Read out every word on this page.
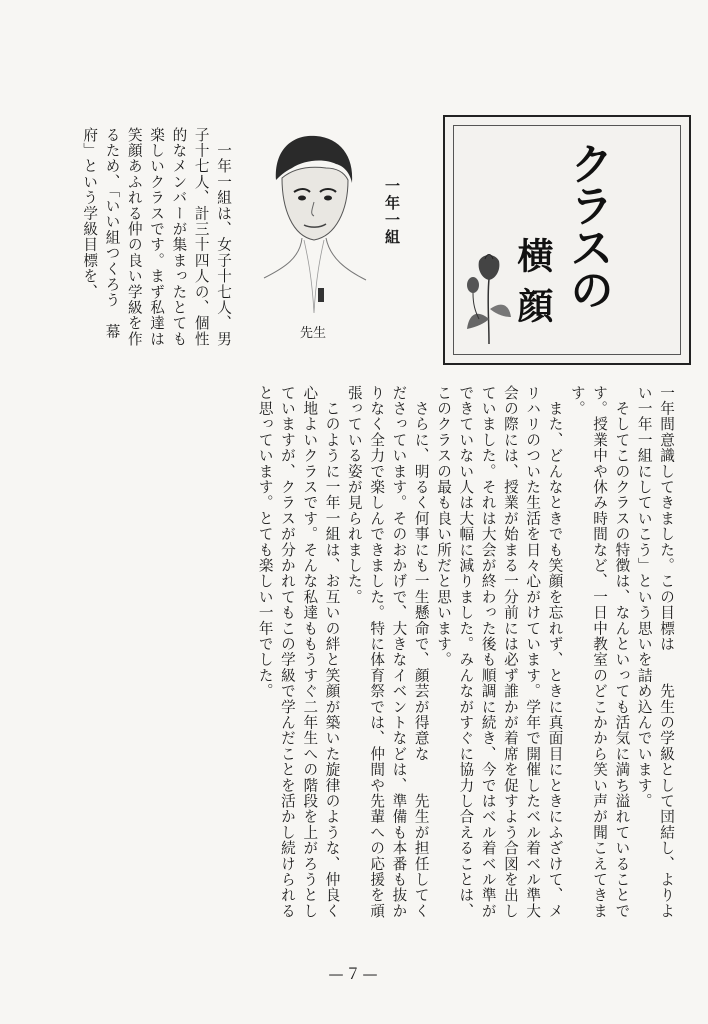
クラスの
横顔
一年一組
先生
一年間意識してきました。この目標は　　先生の学級として団結し、よりよい一年一組にしていこう」という思いを詰め込んでいます。
　そしてこのクラスの特徴は、なんといっても活気に満ち溢れていることです。授業中や休み時間など、一日中教室のどこかから笑い声が聞こえてきます。
　また、どんなときでも笑顔を忘れず、ときに真面目にときにふざけて、メリハリのついた生活を日々心がけています。学年で開催したベル着ベル準大会の際には、授業が始まる一分前には必ず誰かが着席を促すよう合図を出していました。それは大会が終わった後も順調に続き、今ではベル着ベル準ができていない人は大幅に減りました。みんながすぐに協力し合えることは、このクラスの最も良い所だと思います。
　さらに、明るく何事にも一生懸命で、顔芸が得意な　　先生が担任してくださっています。そのおかげで、大きなイベントなどは、準備も本番も抜かりなく全力で楽しんできました。特に体育祭では、仲間や先輩への応援を頑張っている姿が見られました。
　このように一年一組は、お互いの絆と笑顔が築いた旋律のような、仲良く心地よいクラスです。そんな私達ももうすぐ二年生への階段を上がろうとしていますが、クラスが分かれてもこの学級で学んだことを活かし続けられると思っています。とても楽しい一年でした。
　一年一組は、女子十七人、男子十七人、計三十四人の、個性的なメンバーが集まったとても楽しいクラスです。まず私達は笑顔あふれる仲の良い学級を作るため、「いい組つくろう　幕府」という学級目標を、
—７—
